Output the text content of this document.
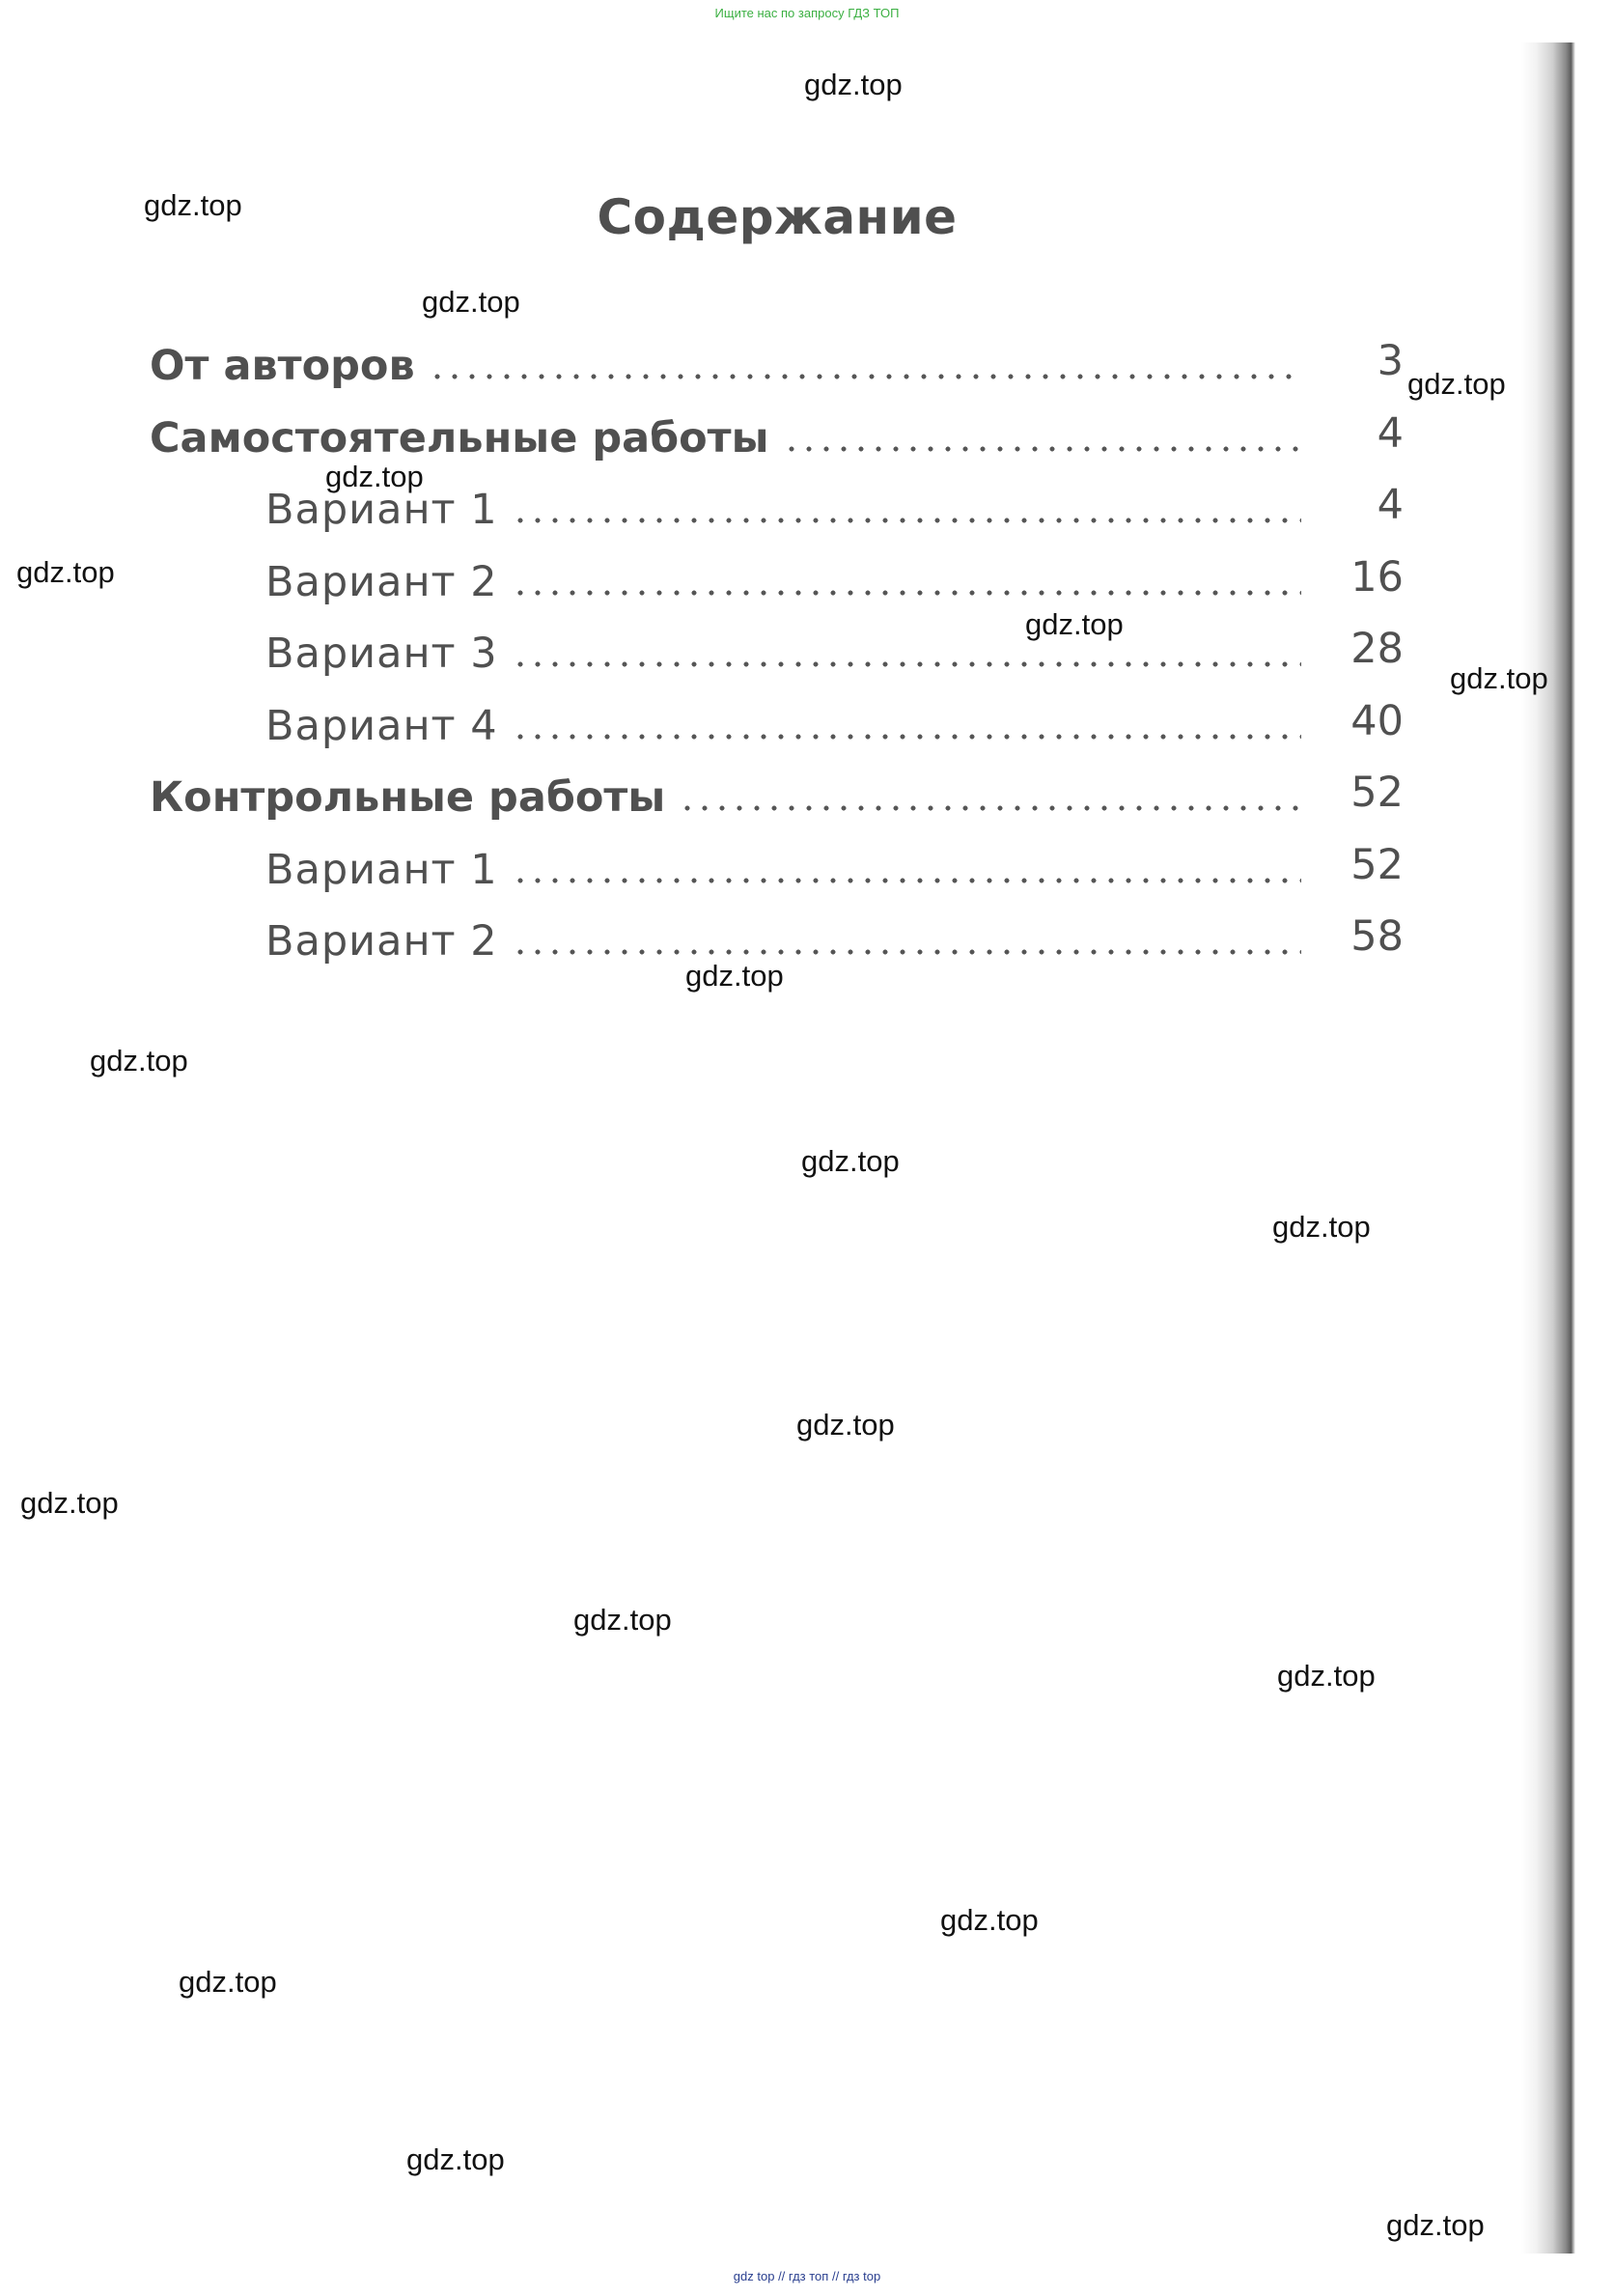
Ищите нас по запросу ГДЗ ТОП
Содержание
От авторов	3
Самостоятельные работы	4
Вариант 1	4
Вариант 2	16
Вариант 3	28
Вариант 4	40
Контрольные работы	52
Вариант 1	52
Вариант 2	58
gdz.top
gdz.top
gdz.top
gdz.top
gdz.top
gdz.top
gdz.top
gdz.top
gdz.top
gdz.top
gdz.top
gdz.top
gdz.top
gdz.top
gdz.top
gdz.top
gdz.top
gdz.top
gdz.top
gdz.top
gdz top // гдз топ // гдз top
